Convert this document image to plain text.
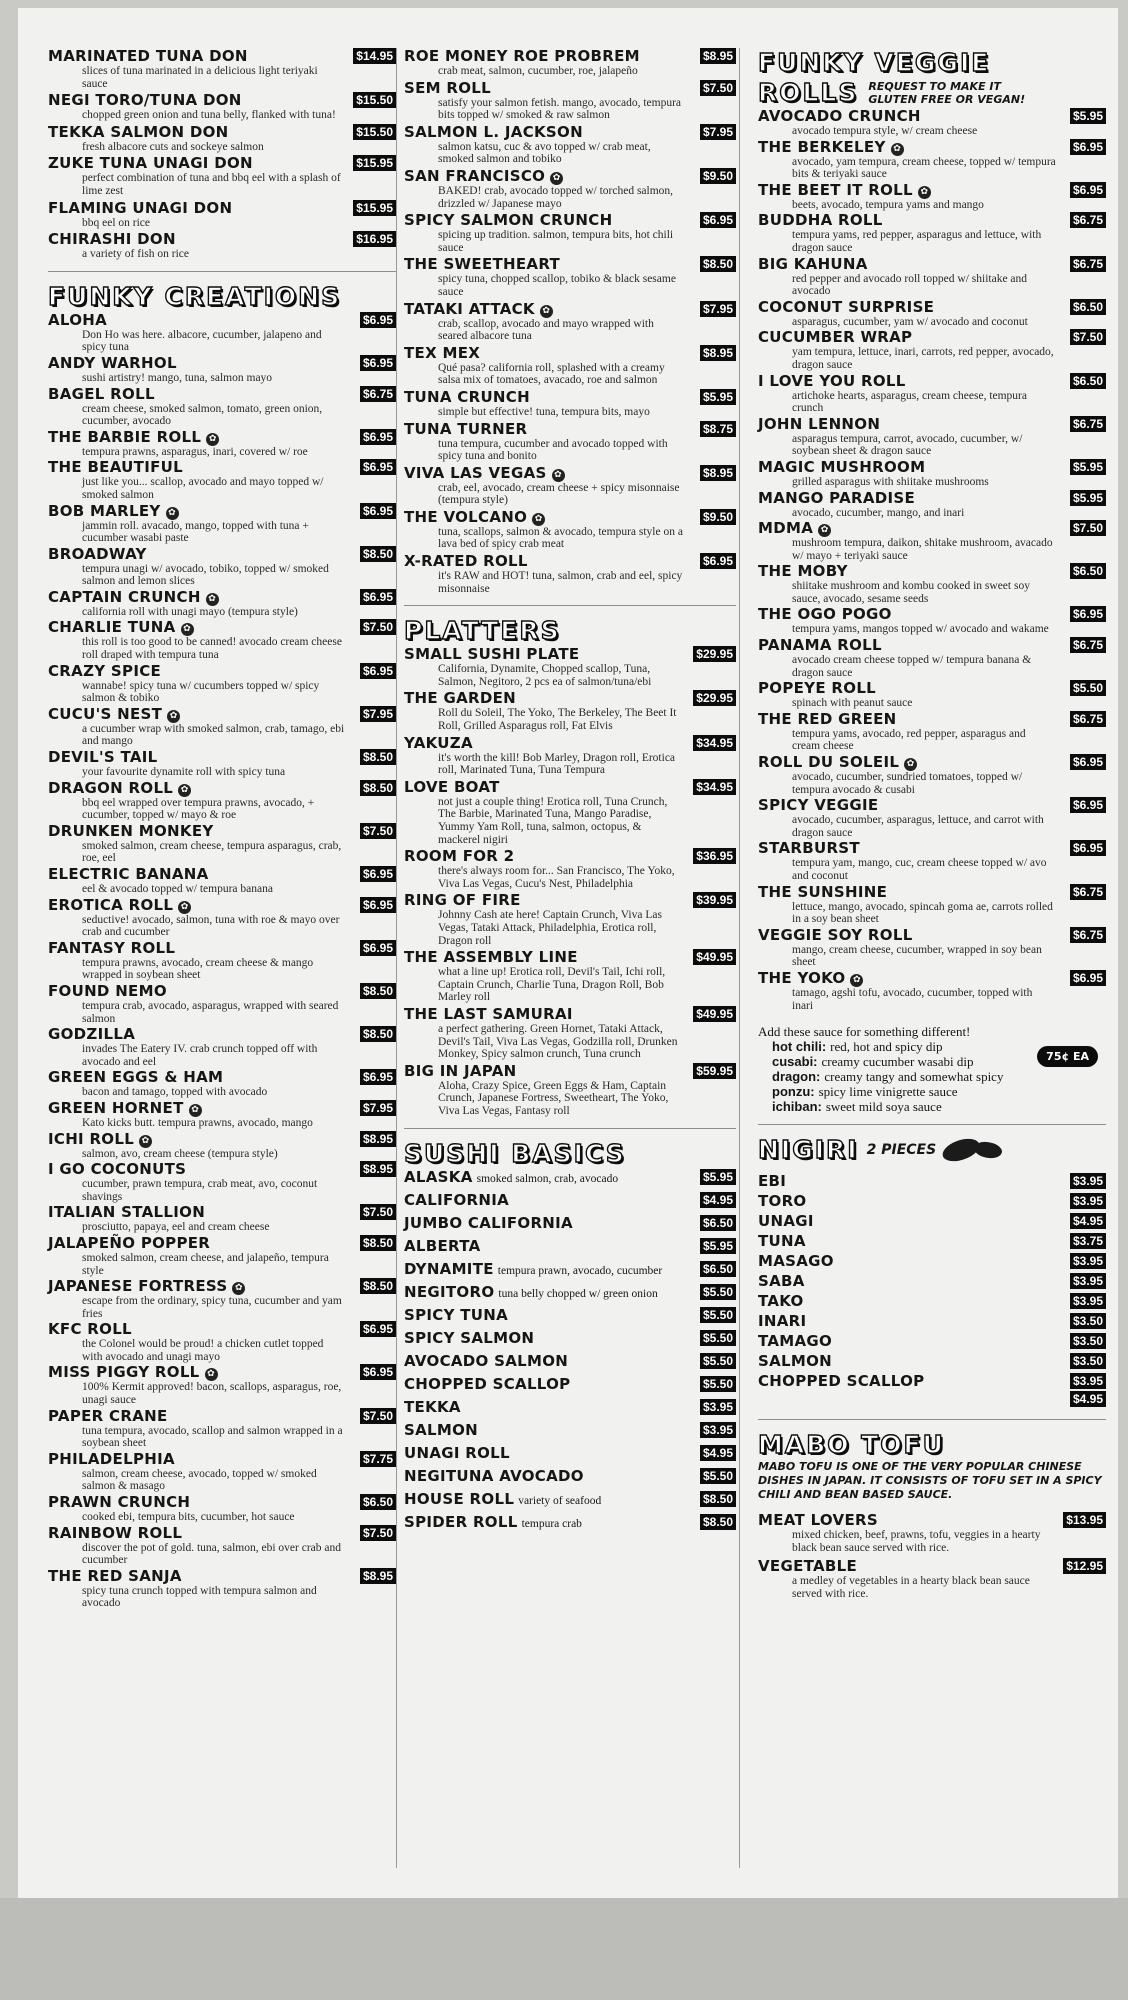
MARINATED TUNA DON
slices of tuna marinated in a delicious light teriyaki sauce
$14.95
NEGI TORO/TUNA DON
chopped green onion and tuna belly, flanked with tuna!
$15.50
TEKKA SALMON DON
fresh albacore cuts and sockeye salmon
$15.50
ZUKE TUNA UNAGI DON
perfect combination of tuna and bbq eel with a splash of lime zest
$15.95
FLAMING UNAGI DON
bbq eel on rice
$15.95
CHIRASHI DON
a variety of fish on rice
$16.95
FUNKY CREATIONS
ALOHA
Don Ho was here. albacore, cucumber, jalapeno and spicy tuna
$6.95
ANDY WARHOL
sushi artistry! mango, tuna, salmon mayo
$6.95
BAGEL ROLL
cream cheese, smoked salmon, tomato, green onion, cucumber, avocado
$6.75
THE BARBIE ROLL ✿
tempura prawns, asparagus, inari, covered w/ roe
$6.95
THE BEAUTIFUL
just like you... scallop, avocado and mayo topped w/ smoked salmon
$6.95
BOB MARLEY ✿
jammin roll. avacado, mango, topped with tuna + cucumber wasabi paste
$6.95
BROADWAY
tempura unagi w/ avocado, tobiko, topped w/ smoked salmon and lemon slices
$8.50
CAPTAIN CRUNCH ✿
california roll with unagi mayo (tempura style)
$6.95
CHARLIE TUNA ✿
this roll is too good to be canned! avocado cream cheese roll draped with tempura tuna
$7.50
CRAZY SPICE
wannabe! spicy tuna w/ cucumbers topped w/ spicy salmon & tobiko
$6.95
CUCU'S NEST ✿
a cucumber wrap with smoked salmon, crab, tamago, ebi and mango
$7.95
DEVIL'S TAIL
your favourite dynamite roll with spicy tuna
$8.50
DRAGON ROLL ✿
bbq eel wrapped over tempura prawns, avocado, + cucumber, topped w/ mayo & roe
$8.50
DRUNKEN MONKEY
smoked salmon, cream cheese, tempura asparagus, crab, roe, eel
$7.50
ELECTRIC BANANA
eel & avocado topped w/ tempura banana
$6.95
EROTICA ROLL ✿
seductive! avocado, salmon, tuna with roe & mayo over crab and cucumber
$6.95
FANTASY ROLL
tempura prawns, avocado, cream cheese & mango wrapped in soybean sheet
$6.95
FOUND NEMO
tempura crab, avocado, asparagus, wrapped with seared salmon
$8.50
GODZILLA
invades The Eatery IV. crab crunch topped off with avocado and eel
$8.50
GREEN EGGS & HAM
bacon and tamago, topped with avocado
$6.95
GREEN HORNET ✿
Kato kicks butt. tempura prawns, avocado, mango
$7.95
ICHI ROLL ✿
salmon, avo, cream cheese (tempura style)
$8.95
I GO COCONUTS
cucumber, prawn tempura, crab meat, avo, coconut shavings
$8.95
ITALIAN STALLION
prosciutto, papaya, eel and cream cheese
$7.50
JALAPEÑO POPPER
smoked salmon, cream cheese, and jalapeño, tempura style
$8.50
JAPANESE FORTRESS ✿
escape from the ordinary, spicy tuna, cucumber and yam fries
$8.50
KFC ROLL
the Colonel would be proud! a chicken cutlet topped with avocado and unagi mayo
$6.95
MISS PIGGY ROLL ✿
100% Kermit approved! bacon, scallops, asparagus, roe, unagi sauce
$6.95
PAPER CRANE
tuna tempura, avocado, scallop and salmon wrapped in a soybean sheet
$7.50
PHILADELPHIA
salmon, cream cheese, avocado, topped w/ smoked salmon & masago
$7.75
PRAWN CRUNCH
cooked ebi, tempura bits, cucumber, hot sauce
$6.50
RAINBOW ROLL
discover the pot of gold. tuna, salmon, ebi over crab and cucumber
$7.50
THE RED SANJA
spicy tuna crunch topped with tempura salmon and avocado
$8.95
ROE MONEY ROE PROBREM
crab meat, salmon, cucumber, roe, jalapeño
$8.95
SEM ROLL
satisfy your salmon fetish. mango, avocado, tempura bits topped w/ smoked & raw salmon
$7.50
SALMON L. JACKSON
salmon katsu, cuc & avo topped w/ crab meat, smoked salmon and tobiko
$7.95
SAN FRANCISCO ✿
BAKED! crab, avocado topped w/ torched salmon, drizzled w/ Japanese mayo
$9.50
SPICY SALMON CRUNCH
spicing up tradition. salmon, tempura bits, hot chili sauce
$6.95
THE SWEETHEART
spicy tuna, chopped scallop, tobiko & black sesame sauce
$8.50
TATAKI ATTACK ✿
crab, scallop, avocado and mayo wrapped with seared albacore tuna
$7.95
TEX MEX
Qué pasa? california roll, splashed with a creamy salsa mix of tomatoes, avacado, roe and salmon
$8.95
TUNA CRUNCH
simple but effective! tuna, tempura bits, mayo
$5.95
TUNA TURNER
tuna tempura, cucumber and avocado topped with spicy tuna and bonito
$8.75
VIVA LAS VEGAS ✿
crab, eel, avocado, cream cheese + spicy misonnaise (tempura style)
$8.95
THE VOLCANO ✿
tuna, scallops, salmon & avocado, tempura style on a lava bed of spicy crab meat
$9.50
X-RATED ROLL
it's RAW and HOT! tuna, salmon, crab and eel, spicy misonnaise
$6.95
PLATTERS
SMALL SUSHI PLATE
California, Dynamite, Chopped scallop, Tuna, Salmon, Negitoro, 2 pcs ea of salmon/tuna/ebi
$29.95
THE GARDEN
Roll du Soleil, The Yoko, The Berkeley, The Beet It Roll, Grilled Asparagus roll, Fat Elvis
$29.95
YAKUZA
it's worth the kill! Bob Marley, Dragon roll, Erotica roll, Marinated Tuna, Tuna Tempura
$34.95
LOVE BOAT
not just a couple thing! Erotica roll, Tuna Crunch, The Barbie, Marinated Tuna, Mango Paradise, Yummy Yam Roll, tuna, salmon, octopus, & mackerel nigiri
$34.95
ROOM FOR 2
there's always room for... San Francisco, The Yoko, Viva Las Vegas, Cucu's Nest, Philadelphia
$36.95
RING OF FIRE
Johnny Cash ate here! Captain Crunch, Viva Las Vegas, Tataki Attack, Philadelphia, Erotica roll, Dragon roll
$39.95
THE ASSEMBLY LINE
what a line up! Erotica roll, Devil's Tail, Ichi roll, Captain Crunch, Charlie Tuna, Dragon Roll, Bob Marley roll
$49.95
THE LAST SAMURAI
a perfect gathering. Green Hornet, Tataki Attack, Devil's Tail, Viva Las Vegas, Godzilla roll, Drunken Monkey, Spicy salmon crunch, Tuna crunch
$49.95
BIG IN JAPAN
Aloha, Crazy Spice, Green Eggs & Ham, Captain Crunch, Japanese Fortress, Sweetheart, The Yoko, Viva Las Vegas, Fantasy roll
$59.95
SUSHI BASICS
ALASKA smoked salmon, crab, avocado	$5.95
CALIFORNIA	$4.95
JUMBO CALIFORNIA	$6.50
ALBERTA	$5.95
DYNAMITE tempura prawn, avocado, cucumber	$6.50
NEGITORO tuna belly chopped w/ green onion	$5.50
SPICY TUNA	$5.50
SPICY SALMON	$5.50
AVOCADO SALMON	$5.50
CHOPPED SCALLOP	$5.50
TEKKA	$3.95
SALMON	$3.95
UNAGI ROLL	$4.95
NEGITUNA AVOCADO	$5.50
HOUSE ROLL variety of seafood	$8.50
SPIDER ROLL tempura crab	$8.50
FUNKY VEGGIE
ROLLS REQUEST TO MAKE IT GLUTEN FREE OR VEGAN!
AVOCADO CRUNCH
avocado tempura style, w/ cream cheese
$5.95
THE BERKELEY ✿
avocado, yam tempura, cream cheese, topped w/ tempura bits & teriyaki sauce
$6.95
THE BEET IT ROLL ✿
beets, avocado, tempura yams and mango
$6.95
BUDDHA ROLL
tempura yams, red pepper, asparagus and lettuce, with dragon sauce
$6.75
BIG KAHUNA
red pepper and avocado roll topped w/ shiitake and avocado
$6.75
COCONUT SURPRISE
asparagus, cucumber, yam w/ avocado and coconut
$6.50
CUCUMBER WRAP
yam tempura, lettuce, inari, carrots, red pepper, avocado, dragon sauce
$7.50
I LOVE YOU ROLL
artichoke hearts, asparagus, cream cheese, tempura crunch
$6.50
JOHN LENNON
asparagus tempura, carrot, avocado, cucumber, w/ soybean sheet & dragon sauce
$6.75
MAGIC MUSHROOM
grilled asparagus with shiitake mushrooms
$5.95
MANGO PARADISE
avocado, cucumber, mango, and inari
$5.95
MDMA ✿
mushroom tempura, daikon, shitake mushroom, avacado w/ mayo + teriyaki sauce
$7.50
THE MOBY
shiitake mushroom and kombu cooked in sweet soy sauce, avocado, sesame seeds
$6.50
THE OGO POGO
tempura yams, mangos topped w/ avocado and wakame
$6.95
PANAMA ROLL
avocado cream cheese topped w/ tempura banana & dragon sauce
$6.75
POPEYE ROLL
spinach with peanut sauce
$5.50
THE RED GREEN
tempura yams, avocado, red pepper, asparagus and cream cheese
$6.75
ROLL DU SOLEIL ✿
avocado, cucumber, sundried tomatoes, topped w/ tempura avocado & cusabi
$6.95
SPICY VEGGIE
avocado, cucumber, asparagus, lettuce, and carrot with dragon sauce
$6.95
STARBURST
tempura yam, mango, cuc, cream cheese topped w/ avo and coconut
$6.95
THE SUNSHINE
lettuce, mango, avocado, spincah goma ae, carrots rolled in a soy bean sheet
$6.75
VEGGIE SOY ROLL
mango, cream cheese, cucumber, wrapped in soy bean sheet
$6.75
THE YOKO ✿
tamago, agshi tofu, avocado, cucumber, topped with inari
$6.95
Add these sauce for something different!
75¢ EA
hot chili: red, hot and spicy dip
cusabi: creamy cucumber wasabi dip
dragon: creamy tangy and somewhat spicy
ponzu: spicy lime vinigrette sauce
ichiban: sweet mild soya sauce
NIGIRI 2 PIECES
EBI	$3.95
TORO	$3.95
UNAGI	$4.95
TUNA	$3.75
MASAGO	$3.95
SABA	$3.95
TAKO	$3.95
INARI	$3.50
TAMAGO	$3.50
SALMON	$3.50
CHOPPED SCALLOP	$3.95
$4.95
MABO TOFU
MABO TOFU IS ONE OF THE VERY POPULAR CHINESE DISHES IN JAPAN. IT CONSISTS OF TOFU SET IN A SPICY CHILI AND BEAN BASED SAUCE.
MEAT LOVERS
mixed chicken, beef, prawns, tofu, veggies in a hearty black bean sauce served with rice.
$13.95
VEGETABLE
a medley of vegetables in a hearty black bean sauce served with rice.
$12.95
